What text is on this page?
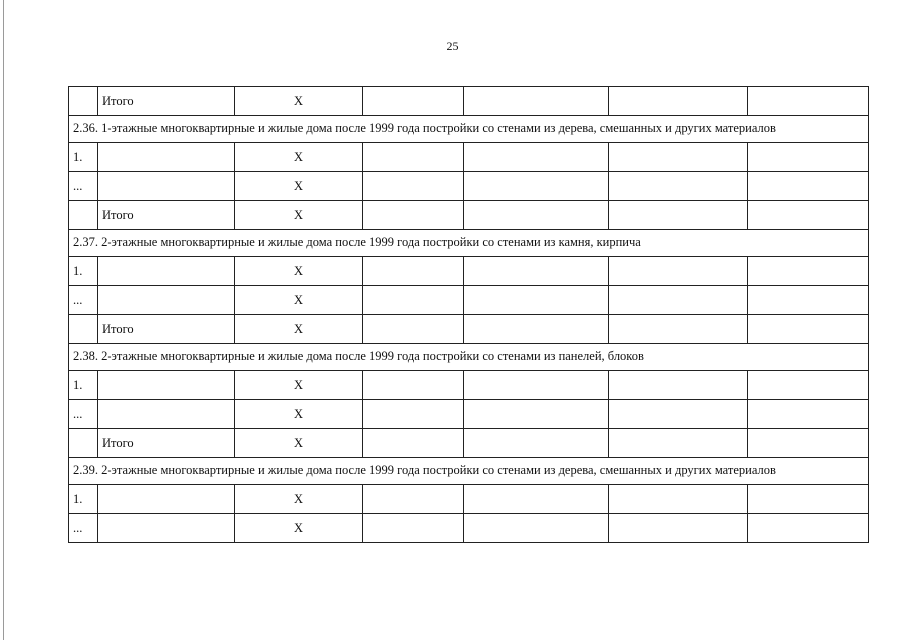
25
	Итого	Х				
2.36. 1-этажные многоквартирные и жилые дома после 1999 года постройки со стенами из дерева, смешанных и других материалов						
1.		Х				
...		Х				
	Итого	Х				
2.37. 2-этажные многоквартирные и жилые дома после 1999 года постройки со стенами из камня, кирпича						
1.		Х				
...		Х				
	Итого	Х				
2.38. 2-этажные многоквартирные и жилые дома после 1999 года постройки со стенами из панелей, блоков						
1.		Х				
...		Х				
	Итого	Х				
2.39. 2-этажные многоквартирные и жилые дома после 1999 года постройки со стенами из дерева, смешанных и других материалов						
1.		Х				
...		Х				
